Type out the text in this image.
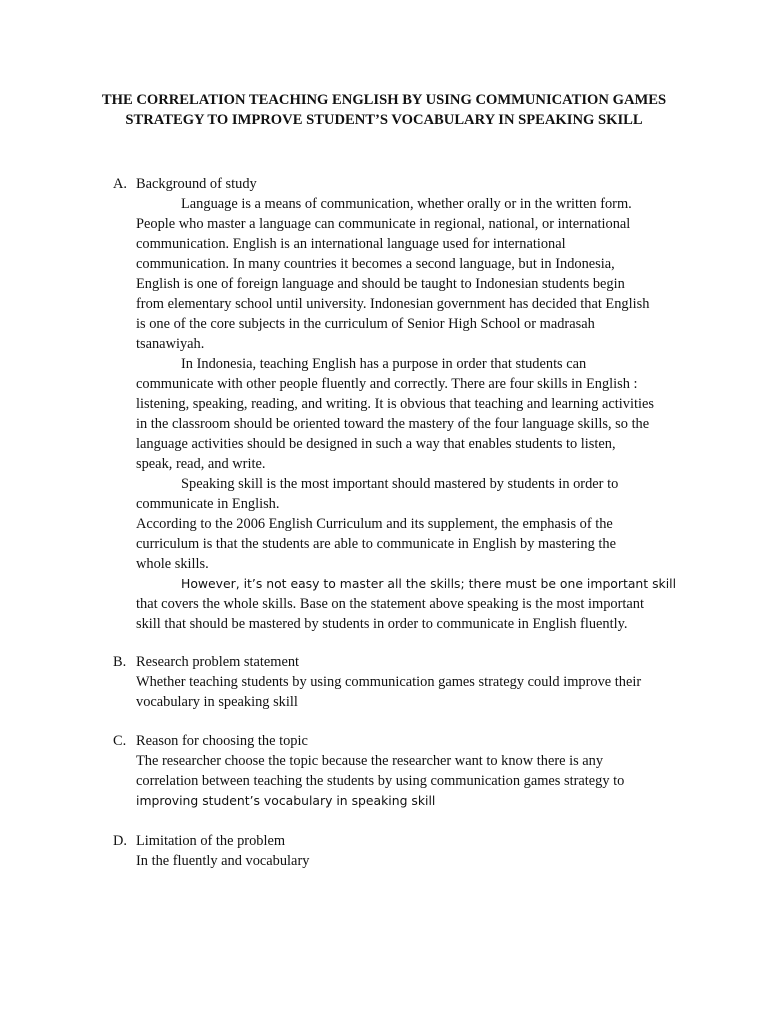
THE CORRELATION TEACHING ENGLISH BY USING COMMUNICATION GAMES
STRATEGY TO IMPROVE STUDENT’S VOCABULARY IN SPEAKING SKILL
A. Background of study
Language is a means of communication, whether orally or in the written form.
People who master a language can communicate in regional, national, or international
communication. English is an international language used for international
communication. In many countries it becomes a second language, but in Indonesia,
English is one of foreign language and should be taught to Indonesian students begin
from elementary school until university. Indonesian government has decided that English
is one of the core subjects in the curriculum of Senior High School or madrasah
tsanawiyah.
In Indonesia, teaching English has a purpose in order that students can
communicate with other people fluently and correctly. There are four skills in English :
listening, speaking, reading, and writing. It is obvious that teaching and learning activities
in the classroom should be oriented toward the mastery of the four language skills, so the
language activities should be designed in such a way that enables students to listen,
speak, read, and write.
Speaking skill is the most important should mastered by students in order to
communicate in English.
According to the 2006 English Curriculum and its supplement, the emphasis of the
curriculum is that the students are able to communicate in English by mastering the
whole skills.
However, it’s not easy to master all the skills; there must be one important skill
that covers the whole skills. Base on the statement above speaking is the most important
skill that should be mastered by students in order to communicate in English fluently.
B. Research problem statement
Whether teaching students by using communication games strategy could improve their
vocabulary in speaking skill
C. Reason for choosing the topic
The researcher choose the topic because the researcher want to know there is any
correlation between teaching the students by using communication games strategy to
improving student’s vocabulary in speaking skill
D. Limitation of the problem
In the fluently and vocabulary
